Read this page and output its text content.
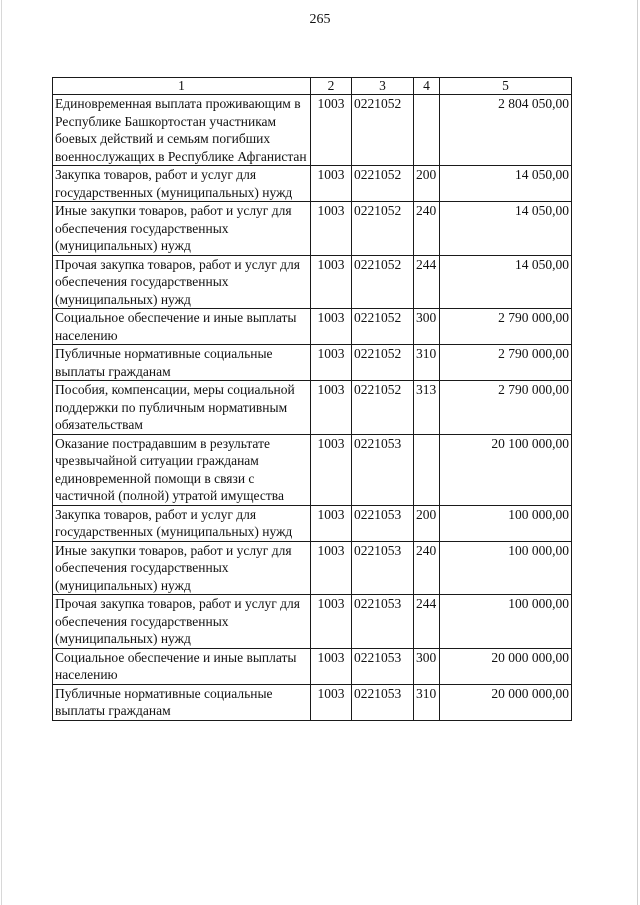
265
1	2	3	4	5
Единовременная выплата проживающим в Республике Башкортостан участникам боевых действий и семьям погибших военнослужащих в Республике Афганистан	1003	0221052		2 804 050,00
Закупка товаров, работ и услуг для государственных (муниципальных) нужд	1003	0221052	200	14 050,00
Иные закупки товаров, работ и услуг для обеспечения государственных (муниципальных) нужд	1003	0221052	240	14 050,00
Прочая закупка товаров, работ и услуг для обеспечения государственных (муниципальных) нужд	1003	0221052	244	14 050,00
Социальное обеспечение и иные выплаты населению	1003	0221052	300	2 790 000,00
Публичные нормативные социальные выплаты гражданам	1003	0221052	310	2 790 000,00
Пособия, компенсации, меры социальной поддержки по публичным нормативным обязательствам	1003	0221052	313	2 790 000,00
Оказание пострадавшим в результате чрезвычайной ситуации гражданам единовременной помощи в связи с частичной (полной) утратой имущества	1003	0221053		20 100 000,00
Закупка товаров, работ и услуг для государственных (муниципальных) нужд	1003	0221053	200	100 000,00
Иные закупки товаров, работ и услуг для обеспечения государственных (муниципальных) нужд	1003	0221053	240	100 000,00
Прочая закупка товаров, работ и услуг для обеспечения государственных (муниципальных) нужд	1003	0221053	244	100 000,00
Социальное обеспечение и иные выплаты населению	1003	0221053	300	20 000 000,00
Публичные нормативные социальные выплаты гражданам	1003	0221053	310	20 000 000,00
